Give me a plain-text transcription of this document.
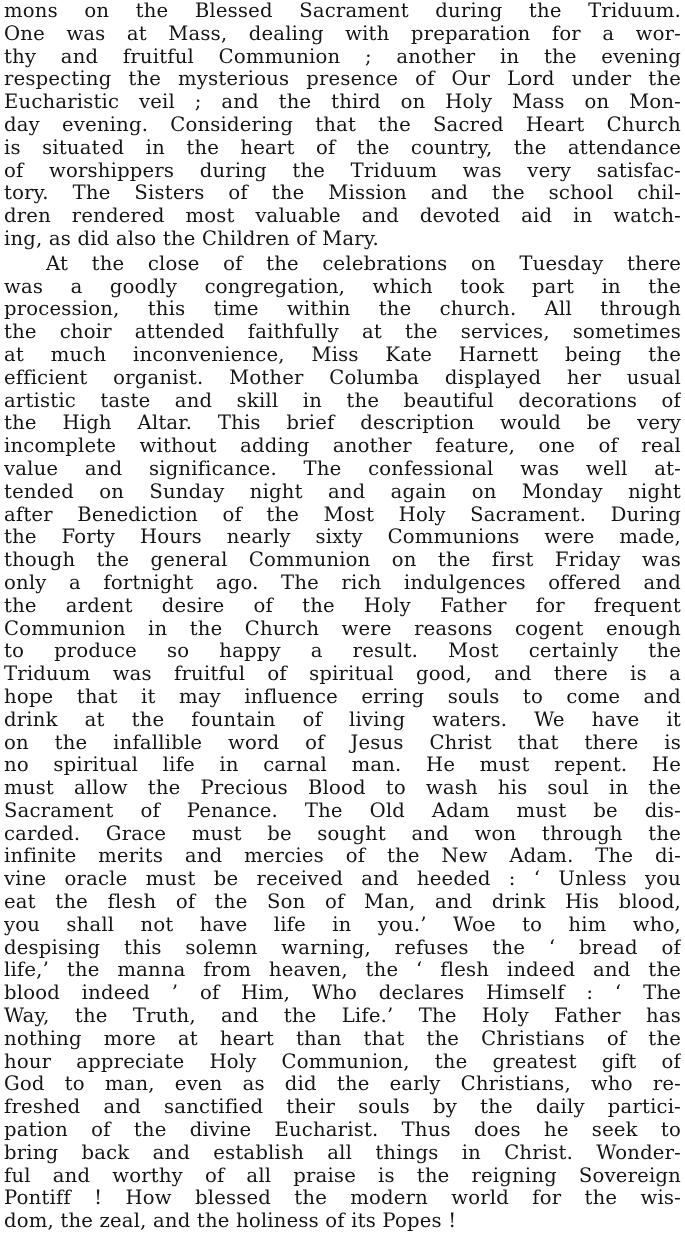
mons on the Blessed Sacrament during the Triduum.
One was at Mass, dealing with preparation for a wor-
thy and fruitful Communion ; another in the evening
respecting the mysterious presence of Our Lord under the
Eucharistic veil ; and the third on Holy Mass on Mon-
day evening. Considering that the Sacred Heart Church
is situated in the heart of the country, the attendance
of worshippers during the Triduum was very satisfac-
tory. The Sisters of the Mission and the school chil-
dren rendered most valuable and devoted aid in watch-
ing, as did also the Children of Mary.
At the close of the celebrations on Tuesday there
was a goodly congregation, which took part in the
procession, this time within the church. All through
the choir attended faithfully at the services, sometimes
at much inconvenience, Miss Kate Harnett being the
efficient organist. Mother Columba displayed her usual
artistic taste and skill in the beautiful decorations of
the High Altar. This brief description would be very
incomplete without adding another feature, one of real
value and significance. The confessional was well at-
tended on Sunday night and again on Monday night
after Benediction of the Most Holy Sacrament. During
the Forty Hours nearly sixty Communions were made,
though the general Communion on the first Friday was
only a fortnight ago. The rich indulgences offered and
the ardent desire of the Holy Father for frequent
Communion in the Church were reasons cogent enough
to produce so happy a result. Most certainly the
Triduum was fruitful of spiritual good, and there is a
hope that it may influence erring souls to come and
drink at the fountain of living waters. We have it
on the infallible word of Jesus Christ that there is
no spiritual life in carnal man. He must repent. He
must allow the Precious Blood to wash his soul in the
Sacrament of Penance. The Old Adam must be dis-
carded. Grace must be sought and won through the
infinite merits and mercies of the New Adam. The di-
vine oracle must be received and heeded : ‘ Unless you
eat the flesh of the Son of Man, and drink His blood,
you shall not have life in you.’ Woe to him who,
despising this solemn warning, refuses the ‘ bread of
life,’ the manna from heaven, the ‘ flesh indeed and the
blood indeed ’ of Him, Who declares Himself : ‘ The
Way, the Truth, and the Life.’ The Holy Father has
nothing more at heart than that the Christians of the
hour appreciate Holy Communion, the greatest gift of
God to man, even as did the early Christians, who re-
freshed and sanctified their souls by the daily partici-
pation of the divine Eucharist. Thus does he seek to
bring back and establish all things in Christ. Wonder-
ful and worthy of all praise is the reigning Sovereign
Pontiff ! How blessed the modern world for the wis-
dom, the zeal, and the holiness of its Popes !
